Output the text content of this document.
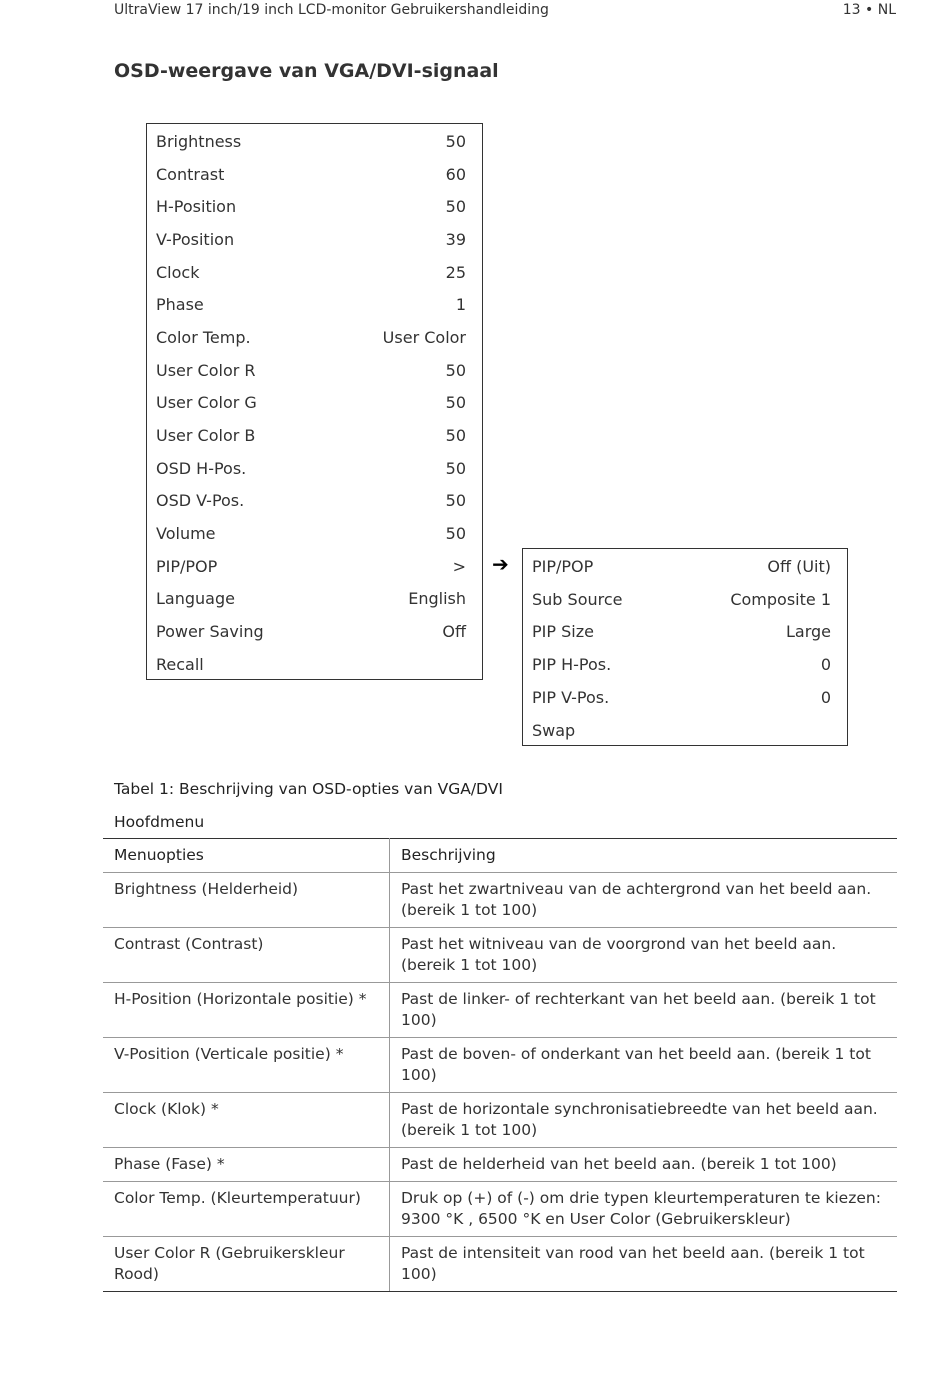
UltraView 17 inch/19 inch LCD-monitor Gebruikershandleiding	13 • NL
OSD-weergave van VGA/DVI-signaal
Brightness	50
Contrast	60
H-Position	50
V-Position	39
Clock	25
Phase	1
Color Temp.	User Color
User Color R	50
User Color G	50
User Color B	50
OSD H-Pos.	50
OSD V-Pos.	50
Volume	50
PIP/POP	>
Language	English
Power Saving	Off
Recall
➔ PIP/POP	Off (Uit)
Sub Source	Composite 1
PIP Size	Large
PIP H-Pos.	0
PIP V-Pos.	0
Swap
Tabel 1: Beschrijving van OSD-opties van VGA/DVI
Hoofdmenu
Menuopties	Beschrijving
Brightness (Helderheid)	Past het zwartniveau van de achtergrond van het beeld aan. (bereik 1 tot 100)
Contrast (Contrast)	Past het witniveau van de voorgrond van het beeld aan. (bereik 1 tot 100)
H-Position (Horizontale positie) *	Past de linker- of rechterkant van het beeld aan. (bereik 1 tot 100)
V-Position (Verticale positie) *	Past de boven- of onderkant van het beeld aan. (bereik 1 tot 100)
Clock (Klok) *	Past de horizontale synchronisatiebreedte van het beeld aan. (bereik 1 tot 100)
Phase (Fase) *	Past de helderheid van het beeld aan. (bereik 1 tot 100)
Color Temp. (Kleurtemperatuur)	Druk op (+) of (-) om drie typen kleurtemperaturen te kiezen: 9300 °K , 6500 °K en User Color (Gebruikerskleur)
User Color R (Gebruikerskleur Rood)	Past de intensiteit van rood van het beeld aan. (bereik 1 tot 100)
